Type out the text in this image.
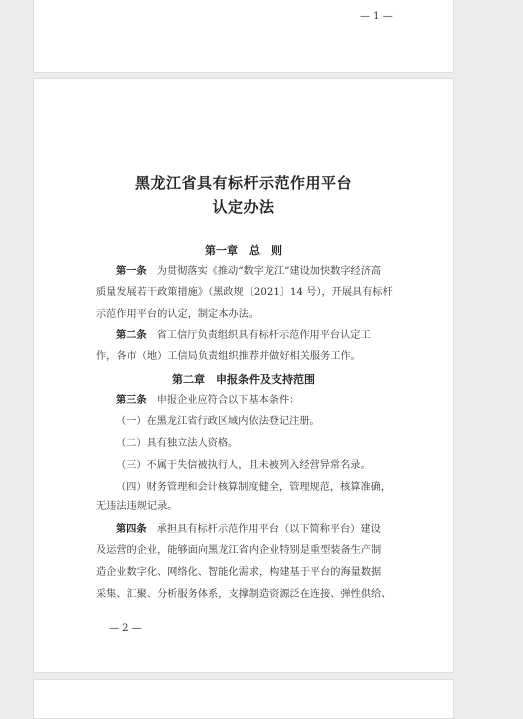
— 1 —
黑龙江省具有标杆示范作用平台
认定办法
第一章　总　则
第一条　为贯彻落实《推动“数字龙江”建设加快数字经济高
质量发展若干政策措施》（黑政规〔2021〕14 号），开展具有标杆
示范作用平台的认定，制定本办法。
第二条　省工信厅负责组织具有标杆示范作用平台认定工
作，各市（地）工信局负责组织推荐并做好相关服务工作。
第二章　申报条件及支持范围
第三条　申报企业应符合以下基本条件：
（一）在黑龙江省行政区域内依法登记注册。
（二）具有独立法人资格。
（三）不属于失信被执行人，且未被列入经营异常名录。
（四）财务管理和会计核算制度健全，管理规范，核算准确，
无违法违规记录。
第四条　承担具有标杆示范作用平台（以下简称平台）建设
及运营的企业，能够面向黑龙江省内企业特别是重型装备生产制
造企业数字化、网络化、智能化需求，构建基于平台的海量数据
采集、汇聚、分析服务体系，支撑制造资源泛在连接、弹性供给、
— 2 —
